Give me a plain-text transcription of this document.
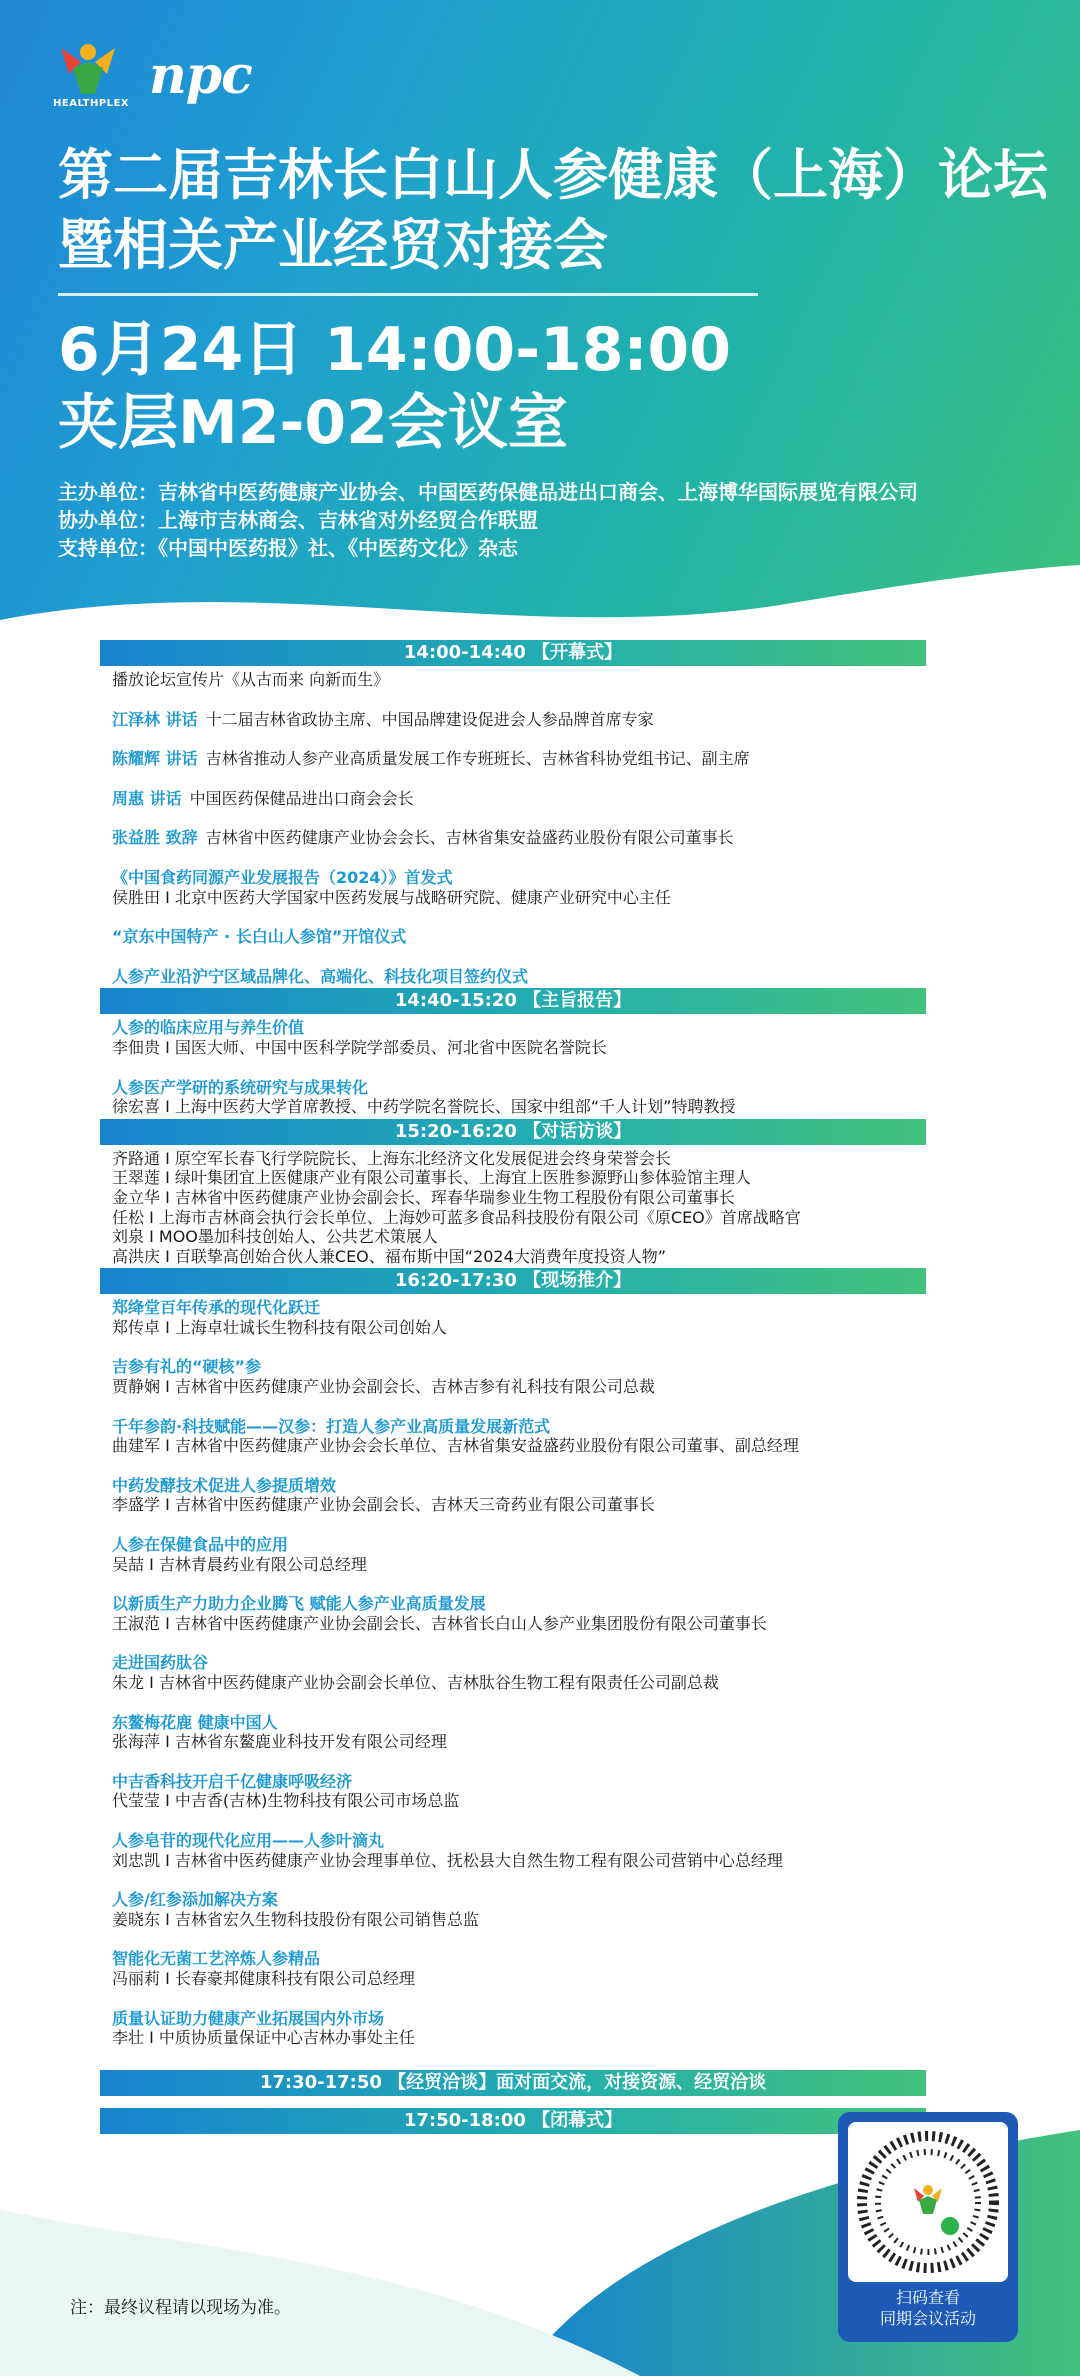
HEALTHPLEX npc
第二届吉林长白山人参健康（上海）论坛
暨相关产业经贸对接会
6月24日 14:00-18:00
夹层M2-02会议室
主办单位：吉林省中医药健康产业协会、中国医药保健品进出口商会、上海博华国际展览有限公司
协办单位：上海市吉林商会、吉林省对外经贸合作联盟
支持单位：《中国中医药报》社、《中医药文化》杂志
14:00-14:40 【开幕式】
播放论坛宣传片《从古而来 向新而生》
江泽林 讲话 十二届吉林省政协主席、中国品牌建设促进会人参品牌首席专家
陈耀辉 讲话 吉林省推动人参产业高质量发展工作专班班长、吉林省科协党组书记、副主席
周惠 讲话 中国医药保健品进出口商会会长
张益胜 致辞 吉林省中医药健康产业协会会长、吉林省集安益盛药业股份有限公司董事长
《中国食药同源产业发展报告（2024）》首发式
侯胜田 I 北京中医药大学国家中医药发展与战略研究院、健康产业研究中心主任
“京东中国特产 · 长白山人参馆”开馆仪式
人参产业沿沪宁区域品牌化、高端化、科技化项目签约仪式
14:40-15:20 【主旨报告】
人参的临床应用与养生价值
李佃贵 I 国医大师、中国中医科学院学部委员、河北省中医院名誉院长
人参医产学研的系统研究与成果转化
徐宏喜 I 上海中医药大学首席教授、中药学院名誉院长、国家中组部“千人计划”特聘教授
15:20-16:20 【对话访谈】
齐路通 I 原空军长春飞行学院院长、上海东北经济文化发展促进会终身荣誉会长
王翠莲 I 绿叶集团宜上医健康产业有限公司董事长、上海宜上医胜参源野山参体验馆主理人
金立华 I 吉林省中医药健康产业协会副会长、珲春华瑞参业生物工程股份有限公司董事长
任松 I 上海市吉林商会执行会长单位、上海妙可蓝多食品科技股份有限公司《原CEO》首席战略官
刘泉 I MOO墨加科技创始人、公共艺术策展人
高洪庆 I 百联挚高创始合伙人兼CEO、福布斯中国“2024大消费年度投资人物”
16:20-17:30 【现场推介】
郑绛堂百年传承的现代化跃迁
郑传卓 I 上海卓壮诚长生物科技有限公司创始人
吉参有礼的“硬核”参
贾静娴 I 吉林省中医药健康产业协会副会长、吉林吉参有礼科技有限公司总裁
千年参韵·科技赋能——汉参：打造人参产业高质量发展新范式
曲建军 I 吉林省中医药健康产业协会会长单位、吉林省集安益盛药业股份有限公司董事、副总经理
中药发酵技术促进人参提质增效
李盛学 I 吉林省中医药健康产业协会副会长、吉林天三奇药业有限公司董事长
人参在保健食品中的应用
吴喆 I 吉林青晨药业有限公司总经理
以新质生产力助力企业腾飞 赋能人参产业高质量发展
王淑范 I 吉林省中医药健康产业协会副会长、吉林省长白山人参产业集团股份有限公司董事长
走进国药肽谷
朱龙 I 吉林省中医药健康产业协会副会长单位、吉林肽谷生物工程有限责任公司副总裁
东鳌梅花鹿 健康中国人
张海萍 I 吉林省东鳌鹿业科技开发有限公司经理
中吉香科技开启千亿健康呼吸经济
代莹莹 I 中吉香(吉林)生物科技有限公司市场总监
人参皂苷的现代化应用——人参叶滴丸
刘忠凯 I 吉林省中医药健康产业协会理事单位、抚松县大自然生物工程有限公司营销中心总经理
人参/红参添加解决方案
姜晓东 I 吉林省宏久生物科技股份有限公司销售总监
智能化无菌工艺淬炼人参精品
冯丽莉 I 长春豪邦健康科技有限公司总经理
质量认证助力健康产业拓展国内外市场
李壮 I 中质协质量保证中心吉林办事处主任
17:30-17:50 【经贸洽谈】面对面交流，对接资源、经贸洽谈
17:50-18:00 【闭幕式】
扫码查看
同期会议活动
注：最终议程请以现场为准。
